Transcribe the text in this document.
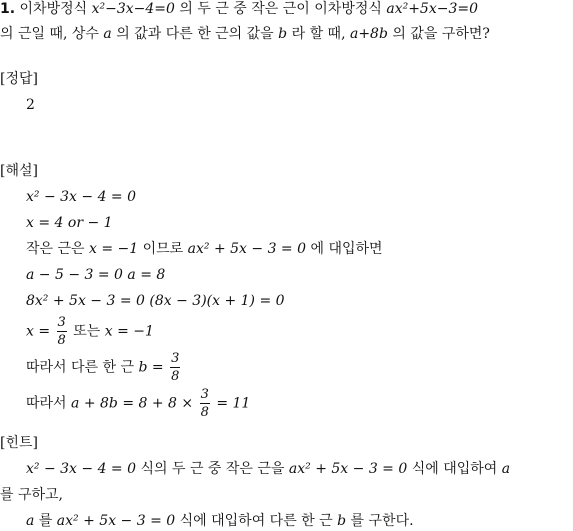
1. 이차방정식 x²−3x−4=0 의 두 근 중 작은 근이 이차방정식 ax²+5x−3=0
의 근일 때, 상수 a 의 값과 다른 한 근의 값을 b 라 할 때, a+8b 의 값을 구하면?
[정답]
2
[해설]
x² − 3x − 4 = 0
x = 4 or − 1
작은 근은 x = −1 이므로 ax² + 5x − 3 = 0 에 대입하면
a − 5 − 3 = 0 a = 8
8x² + 5x − 3 = 0 (8x − 3)(x + 1) = 0
$x = \frac{3}{8}$ 또는 x = −1
따라서 다른 한 근 $b = \frac{3}{8}$
따라서 $a + 8b = 8 + 8 \times \frac{3}{8} = 11$
[힌트]
x² − 3x − 4 = 0 식의 두 근 중 작은 근을 ax² + 5x − 3 = 0 식에 대입하여 a
를 구하고,
a 를 ax² + 5x − 3 = 0 식에 대입하여 다른 한 근 b 를 구한다.
